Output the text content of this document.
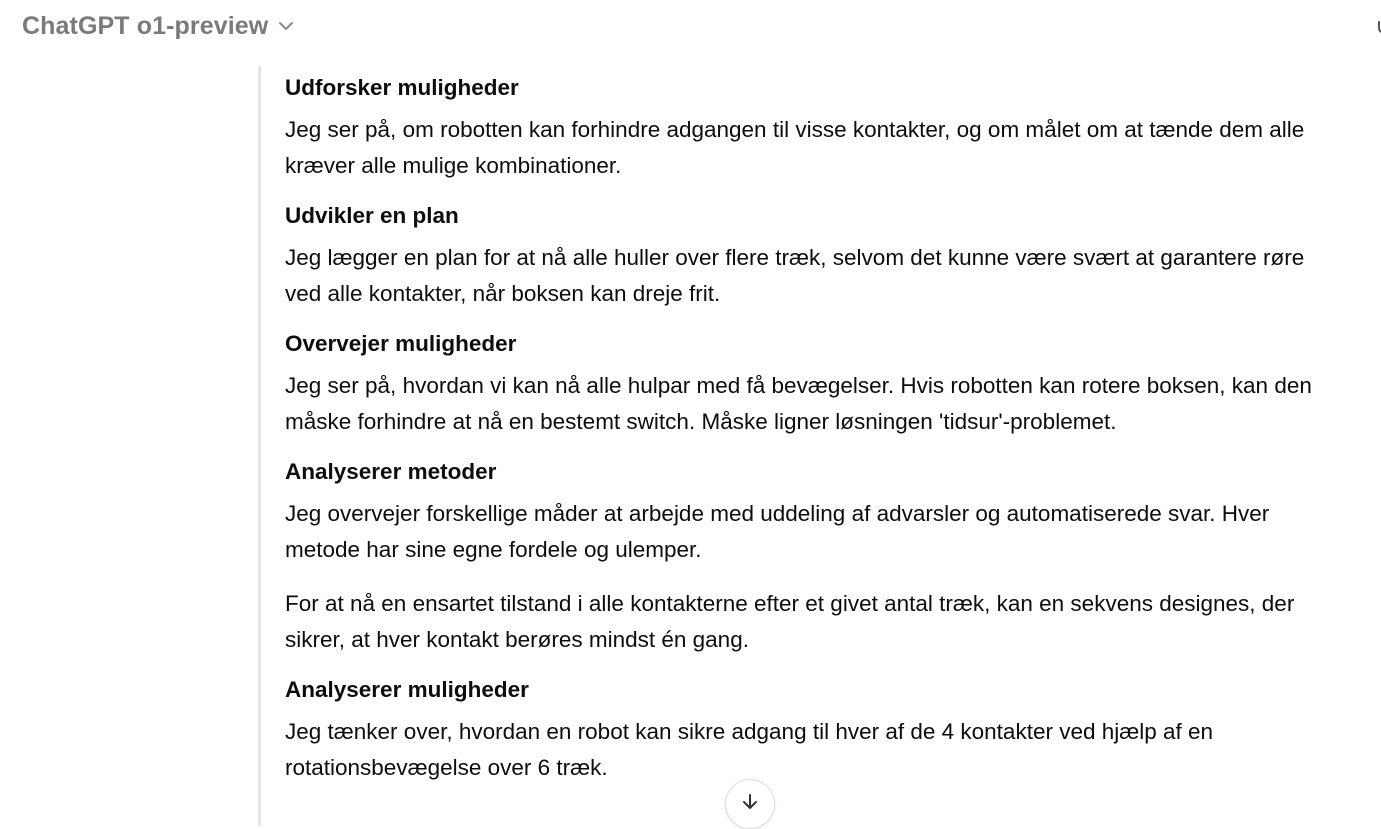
ChatGPT o1-preview

Udforsker muligheder

Jeg ser på, om robotten kan forhindre adgangen til visse kontakter, og om målet om at tænde dem alle kræver alle mulige kombinationer.

Udvikler en plan

Jeg lægger en plan for at nå alle huller over flere træk, selvom det kunne være svært at garantere røre ved alle kontakter, når boksen kan dreje frit.

Overvejer muligheder

Jeg ser på, hvordan vi kan nå alle hulpar med få bevægelser. Hvis robotten kan rotere boksen, kan den måske forhindre at nå en bestemt switch. Måske ligner løsningen 'tidsur'-problemet.

Analyserer metoder

Jeg overvejer forskellige måder at arbejde med uddeling af advarsler og automatiserede svar. Hver metode har sine egne fordele og ulemper.

For at nå en ensartet tilstand i alle kontakterne efter et givet antal træk, kan en sekvens designes, der sikrer, at hver kontakt berøres mindst én gang.

Analyserer muligheder

Jeg tænker over, hvordan en robot kan sikre adgang til hver af de 4 kontakter ved hjælp af en rotationsbevægelse over 6 træk.
